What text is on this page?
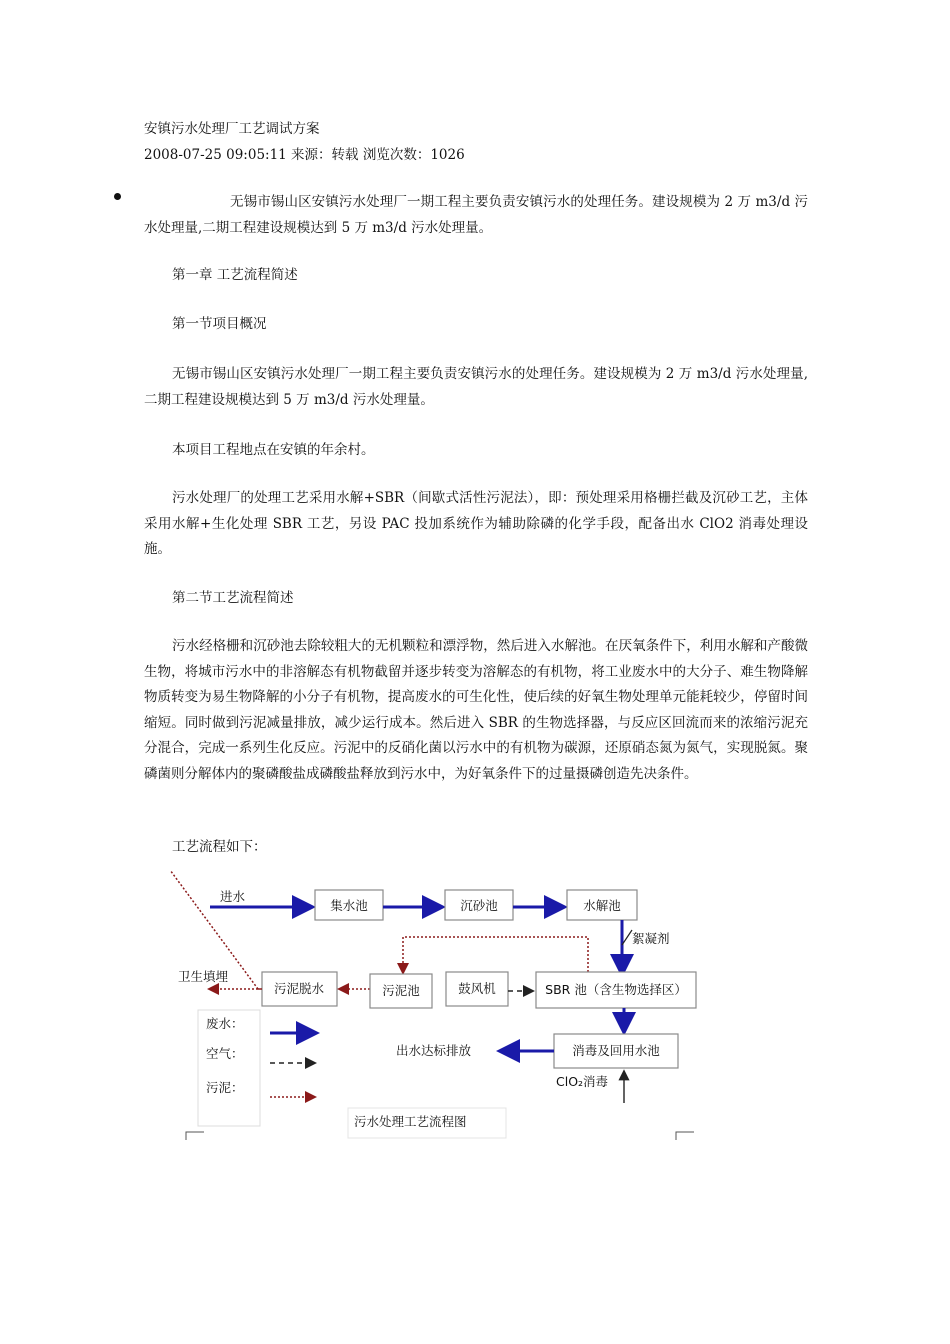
安镇污水处理厂工艺调试方案
2008-07-25 09:05:11 来源：转载 浏览次数：1026

无锡市锡山区安镇污水处理厂一期工程主要负责安镇污水的处理任务。建设规模为 2 万 m3/d 污水处理量,二期工程建设规模达到 5 万 m3/d 污水处理量。

第一章 工艺流程简述

第一节项目概况

无锡市锡山区安镇污水处理厂一期工程主要负责安镇污水的处理任务。建设规模为 2 万 m3/d 污水处理量,二期工程建设规模达到 5 万 m3/d 污水处理量。

本项目工程地点在安镇的年余村。

污水处理厂的处理工艺采用水解+SBR（间歇式活性污泥法），即：预处理采用格栅拦截及沉砂工艺，主体采用水解+生化处理 SBR 工艺，另设 PAC 投加系统作为辅助除磷的化学手段，配备出水 ClO2 消毒处理设施。

第二节工艺流程简述

污水经格栅和沉砂池去除较粗大的无机颗粒和漂浮物，然后进入水解池。在厌氧条件下，利用水解和产酸微生物，将城市污水中的非溶解态有机物截留并逐步转变为溶解态的有机物，将工业废水中的大分子、难生物降解物质转变为易生物降解的小分子有机物，提高废水的可生化性，使后续的好氧生物处理单元能耗较少，停留时间缩短。同时做到污泥减量排放，减少运行成本。然后进入 SBR 的生物选择器，与反应区回流而来的浓缩污泥充分混合，完成一系列生化反应。污泥中的反硝化菌以污水中的有机物为碳源，还原硝态氮为氮气，实现脱氮。聚磷菌则分解体内的聚磷酸盐成磷酸盐释放到污水中，为好氧条件下的过量摄磷创造先决条件。

工艺流程如下：

进水
集水池	沉砂池	水解池
絮凝剂
卫生填埋
污泥脱水	污泥池	鼓风机	SBR 池（含生物选择区）
消毒及回用水池
出水达标排放
ClO₂消毒
废水：
空气：
污泥：
污水处理工艺流程图
